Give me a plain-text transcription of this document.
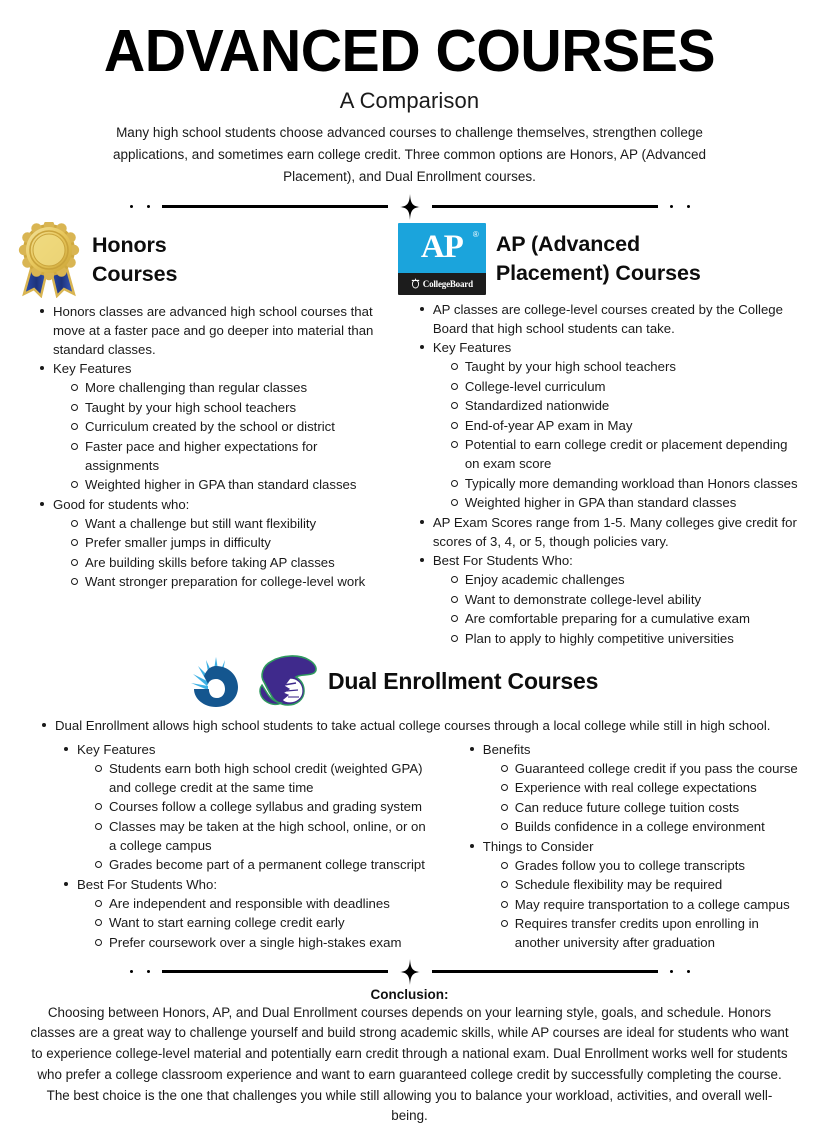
ADVANCED COURSES
A Comparison

Many high school students choose advanced courses to challenge themselves, strengthen college applications, and sometimes earn college credit. Three common options are Honors, AP (Advanced Placement), and Dual Enrollment courses.

Honors
Courses
Honors classes are advanced high school courses that move at a faster pace and go deeper into material than standard classes.
Key Features
More challenging than regular classes
Taught by your high school teachers
Curriculum created by the school or district
Faster pace and higher expectations for assignments
Weighted higher in GPA than standard classes
Good for students who:
Want a challenge but still want flexibility
Prefer smaller jumps in difficulty
Are building skills before taking AP classes
Want stronger preparation for college-level work
AP ®
CollegeBoard
AP (Advanced
Placement) Courses
AP classes are college-level courses created by the College Board that high school students can take.
Key Features
Taught by your high school teachers
College-level curriculum
Standardized nationwide
End-of-year AP exam in May
Potential to earn college credit or placement depending on exam score
Typically more demanding workload than Honors classes
Weighted higher in GPA than standard classes
AP Exam Scores range from 1-5. Many colleges give credit for scores of 3, 4, or 5, though policies vary.
Best For Students Who:
Enjoy academic challenges
Want to demonstrate college-level ability
Are comfortable preparing for a cumulative exam
Plan to apply to highly competitive universities
Dual Enrollment Courses
Dual Enrollment allows high school students to take actual college courses through a local college while still in high school.
Key Features
Students earn both high school credit (weighted GPA) and college credit at the same time
Courses follow a college syllabus and grading system
Classes may be taken at the high school, online, or on a college campus
Grades become part of a permanent college transcript
Best For Students Who:
Are independent and responsible with deadlines
Want to start earning college credit early
Prefer coursework over a single high-stakes exam
Benefits
Guaranteed college credit if you pass the course
Experience with real college expectations
Can reduce future college tuition costs
Builds confidence in a college environment
Things to Consider
Grades follow you to college transcripts
Schedule flexibility may be required
May require transportation to a college campus
Requires transfer credits upon enrolling in another university after graduation
Conclusion:

Choosing between Honors, AP, and Dual Enrollment courses depends on your learning style, goals, and schedule. Honors classes are a great way to challenge yourself and build strong academic skills, while AP courses are ideal for students who want to experience college-level material and potentially earn credit through a national exam. Dual Enrollment works well for students who prefer a college classroom experience and want to earn guaranteed college credit by successfully completing the course. The best choice is the one that challenges you while still allowing you to balance your workload, activities, and overall well-being.
